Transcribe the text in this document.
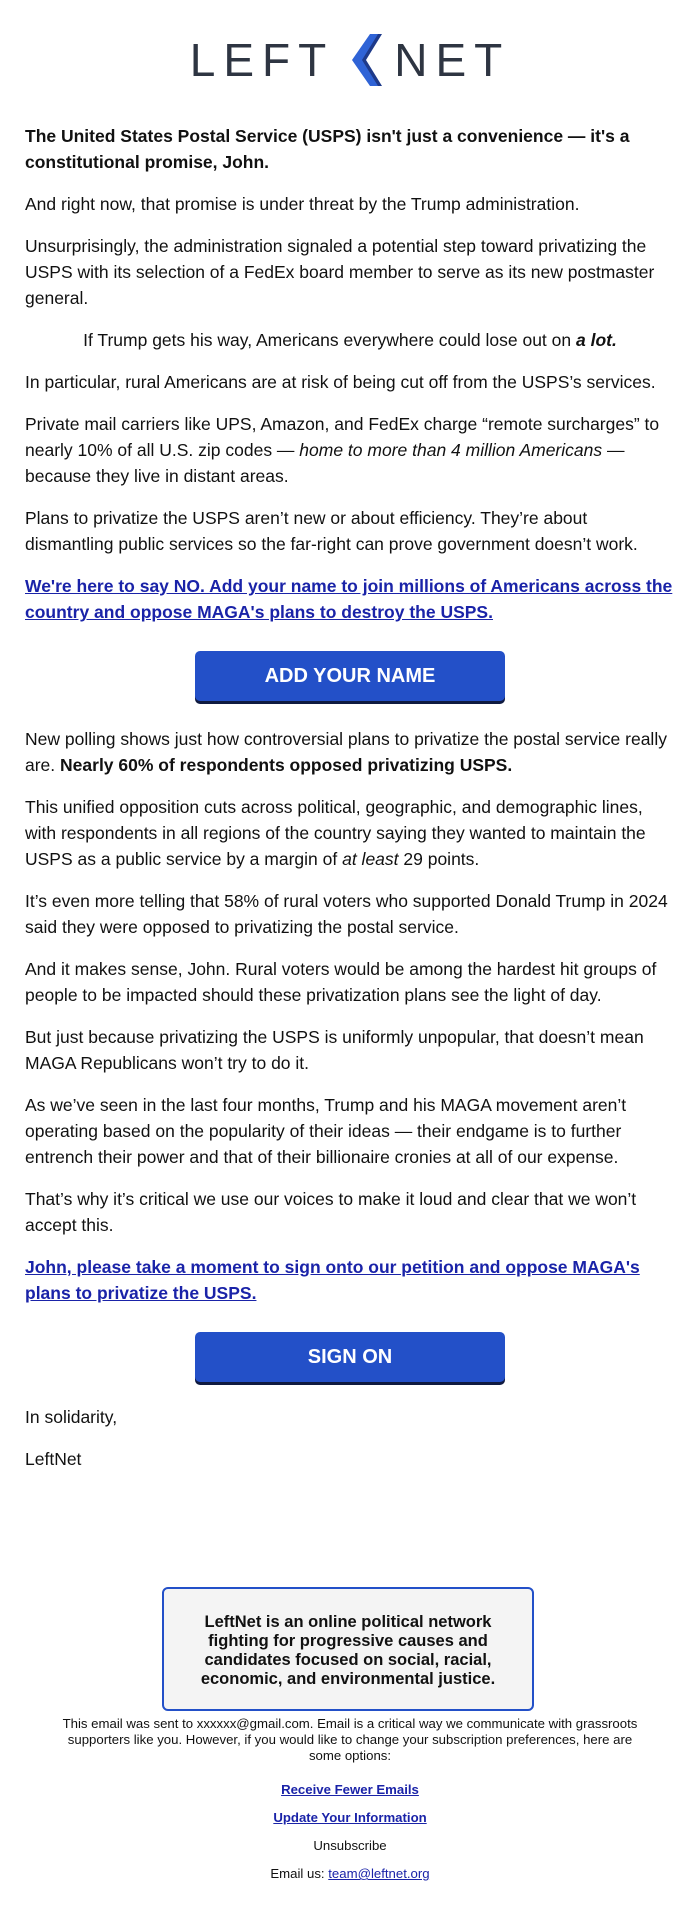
LEFT NET

The United States Postal Service (USPS) isn't just a convenience — it's a constitutional promise, John.

And right now, that promise is under threat by the Trump administration.

Unsurprisingly, the administration signaled a potential step toward privatizing the USPS with its selection of a FedEx board member to serve as its new postmaster general.

If Trump gets his way, Americans everywhere could lose out on a lot.

In particular, rural Americans are at risk of being cut off from the USPS’s services.

Private mail carriers like UPS, Amazon, and FedEx charge “remote surcharges” to nearly 10% of all U.S. zip codes — home to more than 4 million Americans — because they live in distant areas.

Plans to privatize the USPS aren’t new or about efficiency. They’re about dismantling public services so the far-right can prove government doesn’t work.

We're here to say NO. Add your name to join millions of Americans across the country and oppose MAGA's plans to destroy the USPS.

ADD YOUR NAME

New polling shows just how controversial plans to privatize the postal service really are. Nearly 60% of respondents opposed privatizing USPS.

This unified opposition cuts across political, geographic, and demographic lines, with respondents in all regions of the country saying they wanted to maintain the USPS as a public service by a margin of at least 29 points.

It’s even more telling that 58% of rural voters who supported Donald Trump in 2024 said they were opposed to privatizing the postal service.

And it makes sense, John. Rural voters would be among the hardest hit groups of people to be impacted should these privatization plans see the light of day.

But just because privatizing the USPS is uniformly unpopular, that doesn’t mean MAGA Republicans won’t try to do it.

As we’ve seen in the last four months, Trump and his MAGA movement aren’t operating based on the popularity of their ideas — their endgame is to further entrench their power and that of their billionaire cronies at all of our expense.

That’s why it’s critical we use our voices to make it loud and clear that we won’t accept this.

John, please take a moment to sign onto our petition and oppose MAGA's plans to privatize the USPS.

SIGN ON

In solidarity,

LeftNet

LeftNet is an online political network fighting for progressive causes and candidates focused on social, racial, economic, and environmental justice.

This email was sent to xxxxxx@gmail.com. Email is a critical way we communicate with grassroots supporters like you. However, if you would like to change your subscription preferences, here are some options:
Receive Fewer Emails
Update Your Information
Unsubscribe
Email us: team@leftnet.org
